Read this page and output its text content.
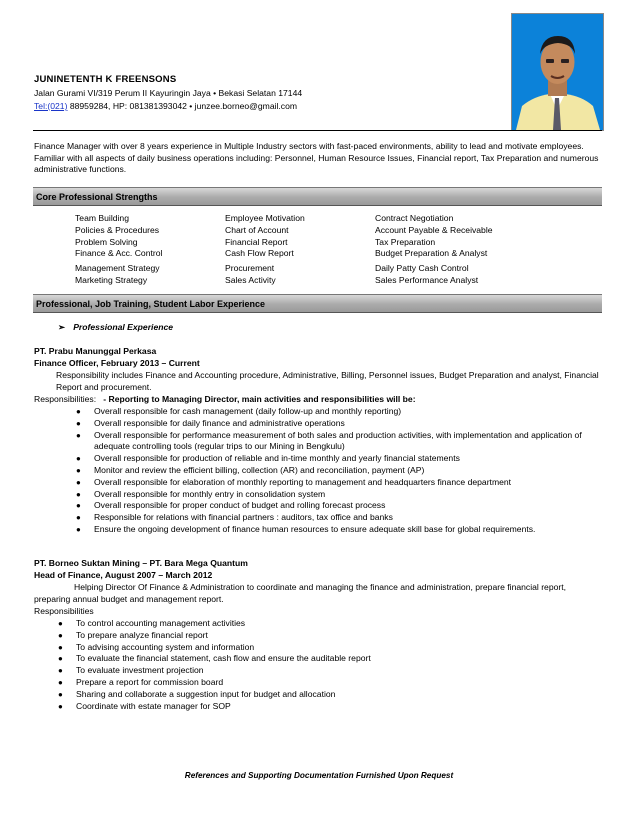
JUNINETENTH K FREENSONS
Jalan Gurami VI/319 Perum II Kayuringin Jaya • Bekasi Selatan 17144
Tel:(021) 88959284, HP: 081381393042 • junzee.borneo@gmail.com
Finance Manager with over 8 years experience in Multiple Industry sectors with fast-paced environments, ability to lead and motivate employees. Familiar with all aspects of daily business operations including: Personnel, Human Resource Issues, Financial report, Tax Preparation and numerous administrative functions.
Core Professional Strengths
Team Building
Policies & Procedures
Problem Solving
Finance & Acc. Control
Management Strategy
Marketing Strategy
Employee Motivation
Chart of Account
Financial Report
Cash Flow Report
Procurement
Sales Activity
Contract Negotiation
Account Payable & Receivable
Tax Preparation
Budget Preparation & Analyst
Daily Patty Cash Control
Sales Performance Analyst
Professional, Job Training, Student Labor Experience
➢ Professional Experience
PT. Prabu Manunggal Perkasa
Finance Officer, February 2013 – Current
Responsibility includes Finance and Accounting procedure, Administrative, Billing, Personnel issues, Budget Preparation and analyst, Financial
Report and procurement.
Responsibilities: - Reporting to Managing Director, main activities and responsibilities will be:
● Overall responsible for cash management (daily follow-up and monthly reporting)
● Overall responsible for daily finance and administrative operations
● Overall responsible for performance measurement of both sales and production activities, with implementation and application of
adequate controlling tools (regular trips to our Mining in Bengkulu)
● Overall responsible for production of reliable and in-time monthly and yearly financial statements
● Monitor and review the efficient billing, collection (AR) and reconciliation, payment (AP)
● Overall responsible for elaboration of monthly reporting to management and headquarters finance department
● Overall responsible for monthly entry in consolidation system
● Overall responsible for proper conduct of budget and rolling forecast process
● Responsible for relations with financial partners : auditors, tax office and banks
● Ensure the ongoing development of finance human resources to ensure adequate skill base for global requirements.
PT. Borneo Suktan Mining – PT. Bara Mega Quantum
Head of Finance, August 2007 – March 2012
Helping Director Of Finance & Administration to coordinate and managing the finance and administration, prepare financial report,
preparing annual budget and management report.
Responsibilities
● To control accounting management activities
● To prepare analyze financial report
● To advising accounting system and information
● To evaluate the financial statement, cash flow and ensure the auditable report
● To evaluate investment projection
● Prepare a report for commission board
● Sharing and collaborate a suggestion input for budget and allocation
● Coordinate with estate manager for SOP
References and Supporting Documentation Furnished Upon Request
